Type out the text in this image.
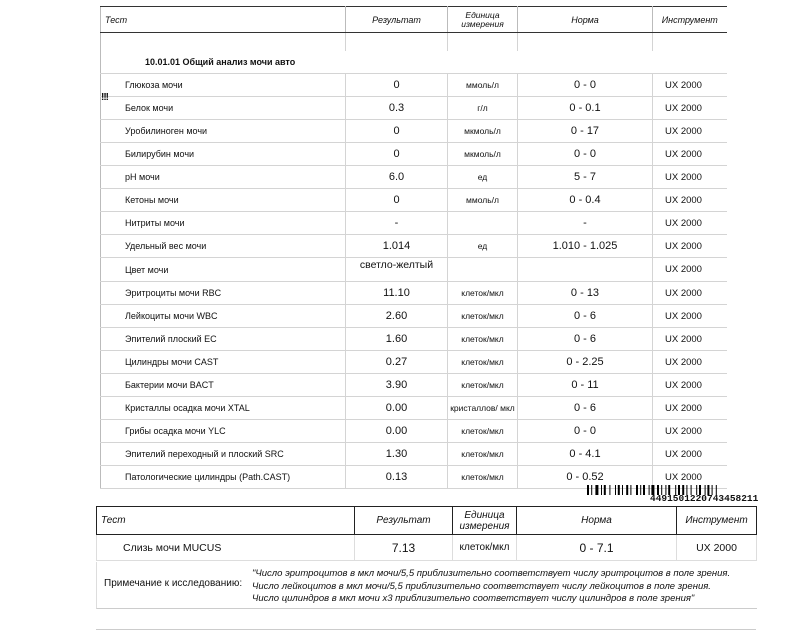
Тест	Результат	Единица измерения	Норма	Инструмент

10.01.01 Общий анализ мочи авто				
Глюкоза мочи	0	ммоль/л	0 - 0	UX 2000
Белок мочи	0.3	г/л	0 - 0.1	UX 2000
Уробилиноген мочи	0	мкмоль/л	0 - 17	UX 2000
Билирубин мочи	0	мкмоль/л	0 - 0	UX 2000
pH мочи	6.0	ед	5 - 7	UX 2000
Кетоны мочи	0	ммоль/л	0 - 0.4	UX 2000
Нитриты мочи	-		-	UX 2000
Удельный вес мочи	1.014	ед	1.010 - 1.025	UX 2000
Цвет мочи	светло-желтый			UX 2000
Эритроциты мочи RBC	11.10	клеток/мкл	0 - 13	UX 2000
Лейкоциты мочи WBC	2.60	клеток/мкл	0 - 6	UX 2000
Эпителий плоский EC	1.60	клеток/мкл	0 - 6	UX 2000
Цилиндры мочи CAST	0.27	клеток/мкл	0 - 2.25	UX 2000
Бактерии мочи BACT	3.90	клеток/мкл	0 - 11	UX 2000
Кристаллы осадка мочи XTAL	0.00	кристаллов/ мкл	0 - 6	UX 2000
Грибы осадка мочи YLC	0.00	клеток/мкл	0 - 0	UX 2000
Эпителий переходный и плоский SRC	1.30	клеток/мкл	0 - 4.1	UX 2000
Патологические цилиндры (Path.CAST)	0.13	клеток/мкл	0 - 0.52	UX 2000
!!!
4491501220743458211
Тест	Результат	Единица измерения	Норма	Инструмент
Слизь мочи MUCUS	7.13	клеток/мкл	0 - 7.1	UX 2000
Примечание к исследованию:
"Число эритроцитов в мкл мочи/5,5 приблизительно соответствует числу эритроцитов в поле зрения.
Число лейкоцитов в мкл мочи/5,5 приблизительно соответствует числу лейкоцитов в поле зрения.
Число цилиндров в мкл мочи х3 приблизительно соответствует числу цилиндров в поле зрения"
